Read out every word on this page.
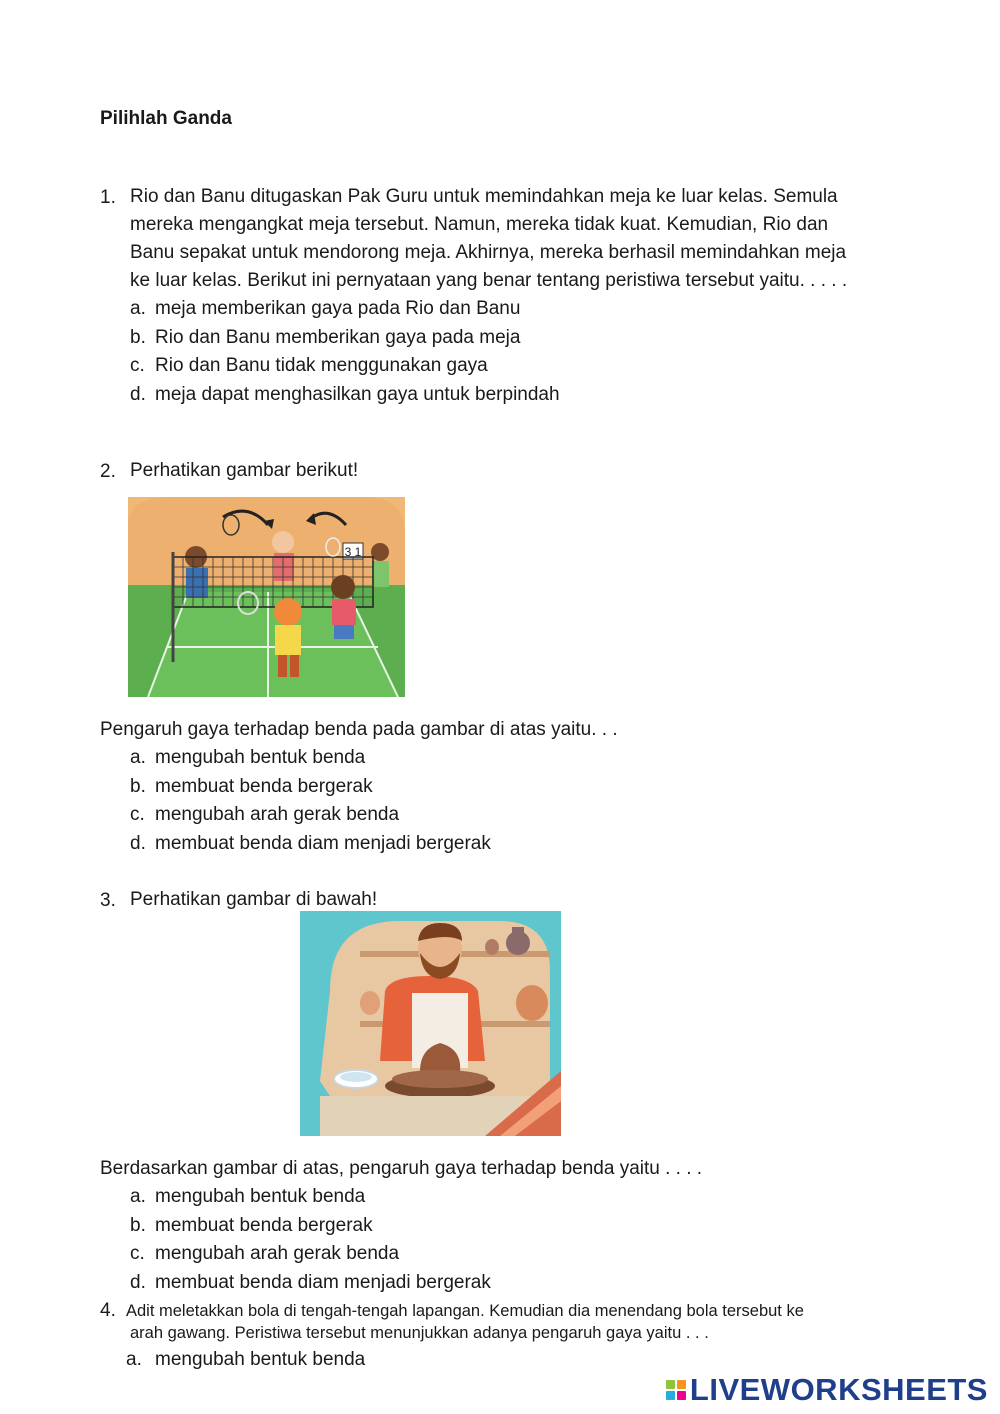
Pilihlah Ganda
1. Rio dan Banu ditugaskan Pak Guru untuk memindahkan meja ke luar kelas. Semula
mereka mengangkat meja tersebut. Namun, mereka tidak kuat. Kemudian, Rio dan
Banu sepakat untuk mendorong meja. Akhirnya, mereka berhasil memindahkan meja
ke luar kelas. Berikut ini pernyataan yang benar tentang peristiwa tersebut yaitu. . . . .
a. meja memberikan gaya pada Rio dan Banu
b. Rio dan Banu memberikan gaya pada meja
c. Rio dan Banu tidak menggunakan gaya
d. meja dapat menghasilkan gaya untuk berpindah
2. Perhatikan gambar berikut!
3 1
Pengaruh gaya terhadap benda pada gambar di atas yaitu. . .
a. mengubah bentuk benda
b. membuat benda bergerak
c. mengubah arah gerak benda
d. membuat benda diam menjadi bergerak
3. Perhatikan gambar di bawah!
Berdasarkan gambar di atas, pengaruh gaya terhadap benda yaitu . . . .
a. mengubah bentuk benda
b. membuat benda bergerak
c. mengubah arah gerak benda
d. membuat benda diam menjadi bergerak
4. Adit meletakkan bola di tengah-tengah lapangan. Kemudian dia menendang bola tersebut ke
arah gawang. Peristiwa tersebut menunjukkan adanya pengaruh gaya yaitu . . .
a. mengubah bentuk benda
LIVEWORKSHEETS
